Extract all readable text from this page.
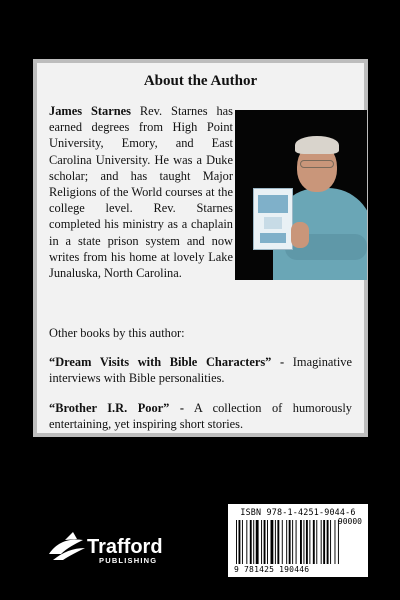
About the Author
James Starnes Rev. Starnes has earned degrees from High Point University, Emory, and East Carolina University. He was a Duke scholar; and has taught Major Religions of the World courses at the college level. Rev. Starnes completed his ministry as a chaplain in a state prison system and now writes from his home at lovely Lake Junaluska, North Carolina.

Other books by this author:

“Dream Visits with Bible Characters” - Imaginative interviews with Bible personalities.

“Brother I.R. Poor” - A collection of humorously entertaining, yet inspiring short stories.

Trafford
PUBLISHING
ISBN 978-1-4251-9044-6
90000
9 781425 190446
